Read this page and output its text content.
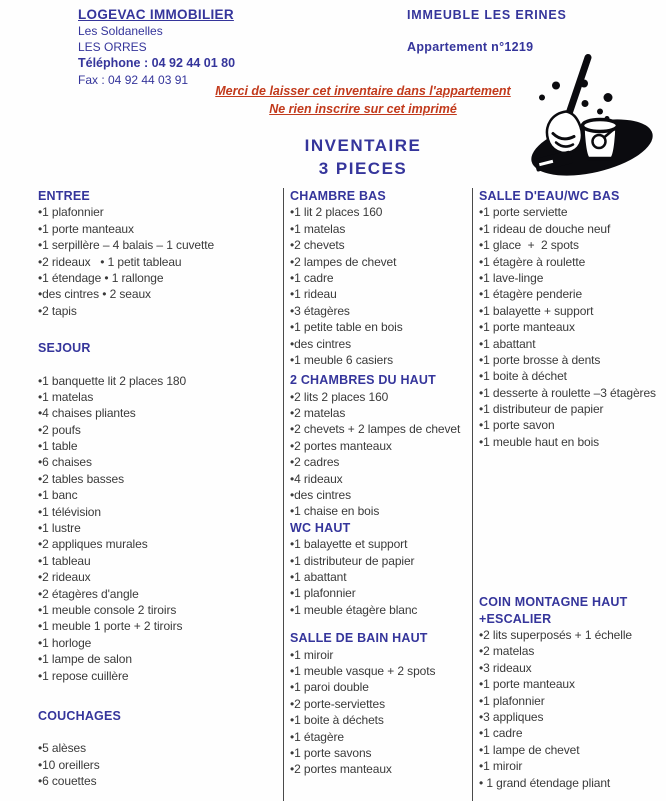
LOGEVAC IMMOBILIER
Les Soldanelles
LES ORRES
Téléphone : 04 92 44 01 80
Fax : 04 92 44 03 91
IMMEUBLE LES ERINES
Appartement n°1219
Merci de laisser cet inventaire dans l'appartement
Ne rien inscrire sur cet imprimé
INVENTAIRE
3 PIECES
ENTREE
•1 plafonnier
•1 porte manteaux
•1 serpillère – 4 balais – 1 cuvette
•2 rideaux   • 1 petit tableau
•1 étendage • 1 rallonge
•des cintres • 2 seaux
•2 tapis
SEJOUR
•1 banquette lit 2 places 180
•1 matelas
•4 chaises pliantes
•2 poufs
•1 table
•6 chaises
•2 tables basses
•1 banc
•1 télévision
•1 lustre
•2 appliques murales
•1 tableau
•2 rideaux
•2 étagères d'angle
•1 meuble console 2 tiroirs
•1 meuble 1 porte + 2 tiroirs
•1 horloge
•1 lampe de salon
•1 repose cuillère
COUCHAGES
•5 alèses
•10 oreillers
•6 couettes
CHAMBRE BAS
•1 lit 2 places 160
•1 matelas
•2 chevets
•2 lampes de chevet
•1 cadre
•1 rideau
•3 étagères
•1 petite table en bois
•des cintres
•1 meuble 6 casiers
2 CHAMBRES DU HAUT
•2 lits 2 places 160
•2 matelas
•2 chevets + 2 lampes de chevet
•2 portes manteaux
•2 cadres
•4 rideaux
•des cintres
•1 chaise en bois
WC HAUT
•1 balayette et support
•1 distributeur de papier
•1 abattant
•1 plafonnier
•1 meuble étagère blanc
SALLE DE BAIN HAUT
•1 miroir
•1 meuble vasque + 2 spots
•1 paroi double
•2 porte-serviettes
•1 boite à déchets
•1 étagère
•1 porte savons
•2 portes manteaux
SALLE D'EAU/WC BAS
•1 porte serviette
•1 rideau de douche neuf
•1 glace  +  2 spots
•1 étagère à roulette
•1 lave-linge
•1 étagère penderie
•1 balayette + support
•1 porte manteaux
•1 abattant
•1 porte brosse à dents
•1 boite à déchet
•1 desserte à roulette –3 étagères
•1 distributeur de papier
•1 porte savon
•1 meuble haut en bois
COIN MONTAGNE HAUT
+ESCALIER
•2 lits superposés + 1 échelle
•2 matelas
•3 rideaux
•1 porte manteaux
•1 plafonnier
•3 appliques
•1 cadre
•1 lampe de chevet
•1 miroir
• 1 grand étendage pliant
